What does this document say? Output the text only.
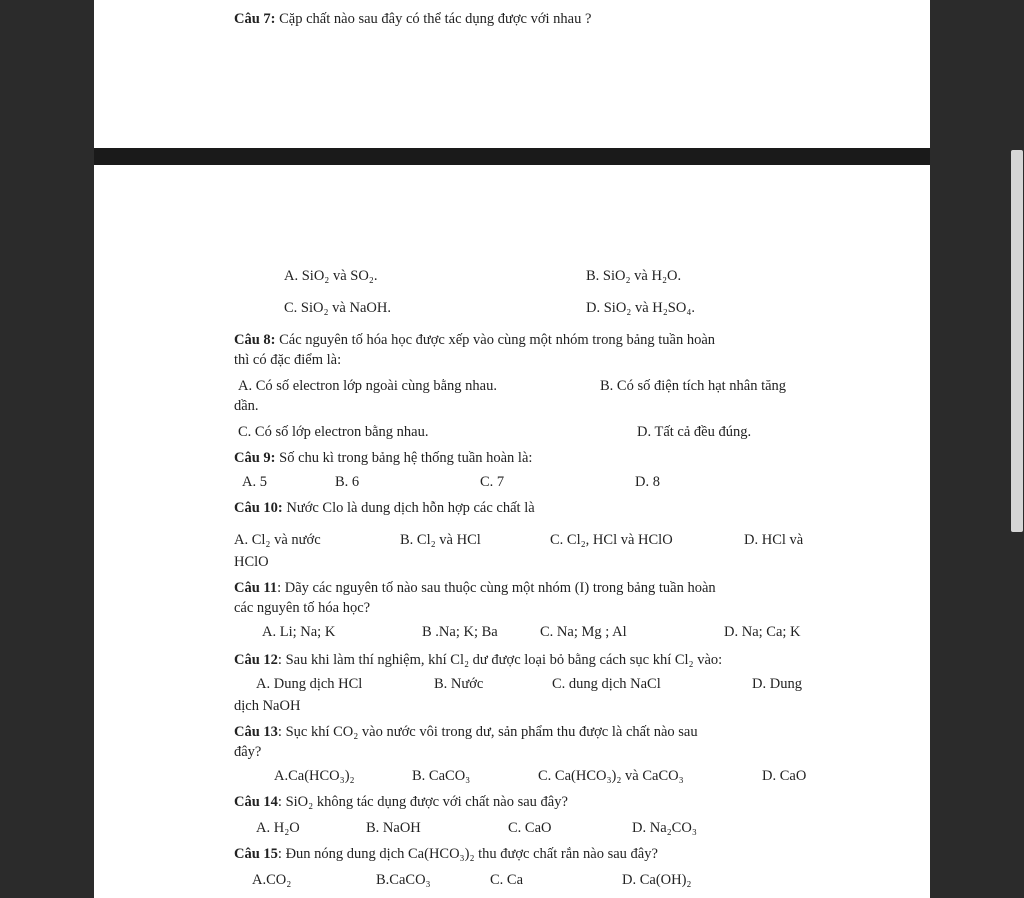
Câu 7: Cặp chất nào sau đây có thể tác dụng được với nhau ?
A. SiO₂ và SO₂.	B. SiO₂ và H₂O.
C. SiO₂ và NaOH.	D. SiO₂ và H₂SO₄.
Câu 8: Các nguyên tố hóa học được xếp vào cùng một nhóm trong bảng tuần hoàn
thì có đặc điểm là:
A. Có số electron lớp ngoài cùng bằng nhau.	B. Có số điện tích hạt nhân tăng
dần.
C. Có số lớp electron bằng nhau.	D. Tất cả đều đúng.
Câu 9: Số chu kì trong bảng hệ thống tuần hoàn là:
A. 5	B. 6	C. 7	D. 8
Câu 10: Nước Clo là dung dịch hỗn hợp các chất là
A. Cl₂ và nước	B. Cl₂ và HCl	C. Cl₂, HCl và HClO	D. HCl và
HClO
Câu 11: Dãy các nguyên tố nào sau thuộc cùng một nhóm (I) trong bảng tuần hoàn
các nguyên tố hóa học?
A. Li; Na; K	B .Na; K; Ba	C. Na; Mg ; Al	D. Na; Ca; K
Câu 12: Sau khi làm thí nghiệm, khí Cl₂ dư được loại bỏ bằng cách sục khí Cl₂ vào:
A. Dung dịch HCl	B. Nước	C. dung dịch NaCl	D. Dung
dịch NaOH
Câu 13: Sục khí CO₂ vào nước vôi trong dư, sản phẩm thu được là chất nào sau
đây?
A.Ca(HCO₃)₂	B. CaCO₃	C. Ca(HCO₃)₂ và CaCO₃	D. CaO
Câu 14: SiO₂ không tác dụng được với chất nào sau đây?
A. H₂O	B. NaOH	C. CaO	D. Na₂CO₃
Câu 15: Đun nóng dung dịch Ca(HCO₃)₂ thu được chất rắn nào sau đây?
A.CO₂	B.CaCO₃	C. Ca	D. Ca(OH)₂
